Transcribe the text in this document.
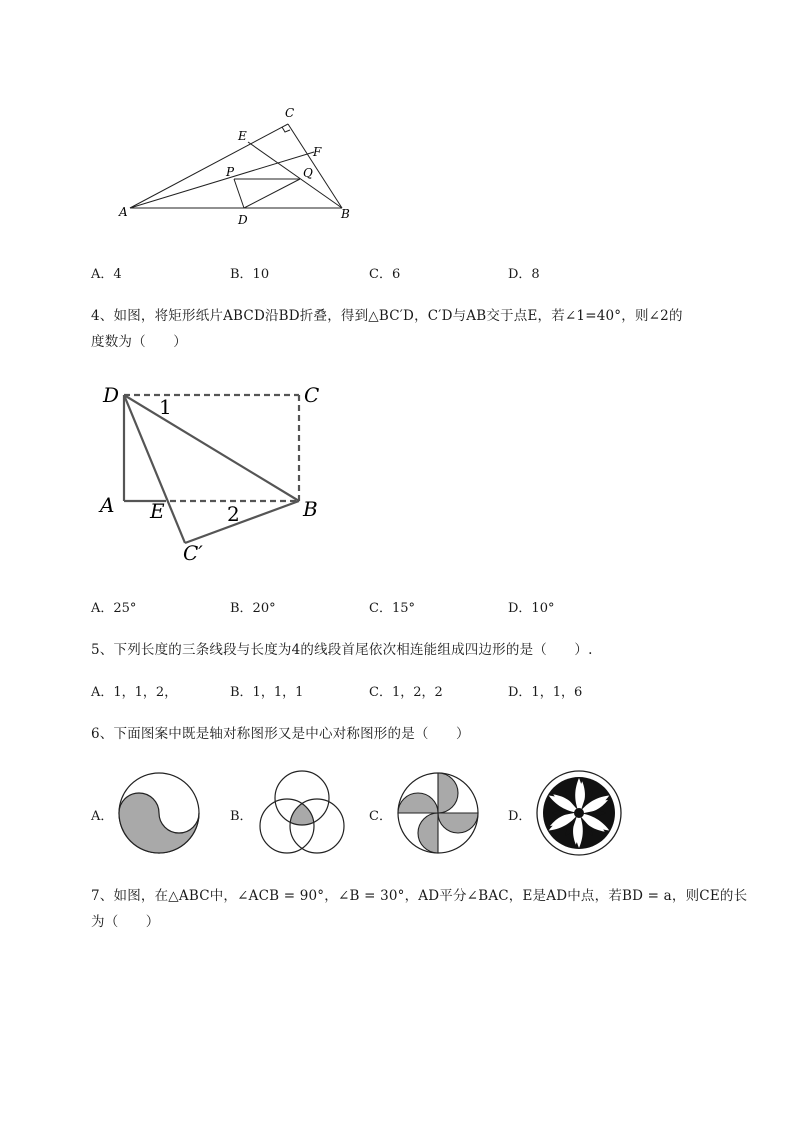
C
E
F
P	Q
A
D	B
A．4	B．10	C．6	D．8
4、如图，将矩形纸片ABCD沿BD折叠，得到△BC′D，C′D与AB交于点E，若∠1=40°，则∠2的
度数为（　　）
D	C
A E	B
C′
1
2
A．25°	B．20°	C．15°	D．10°
5、下列长度的三条线段与长度为4的线段首尾依次相连能组成四边形的是（　　）.
A．1，1，2，	B．1，1，1	C．1，2，2	D．1，1，6
6、下面图案中既是轴对称图形又是中心对称图形的是（　　）
A．	B．	C．	D．
7、如图，在△ABC中，∠ACB = 90°，∠B = 30°，AD平分∠BAC，E是AD中点，若BD = a，则CE的长
为（　　）
